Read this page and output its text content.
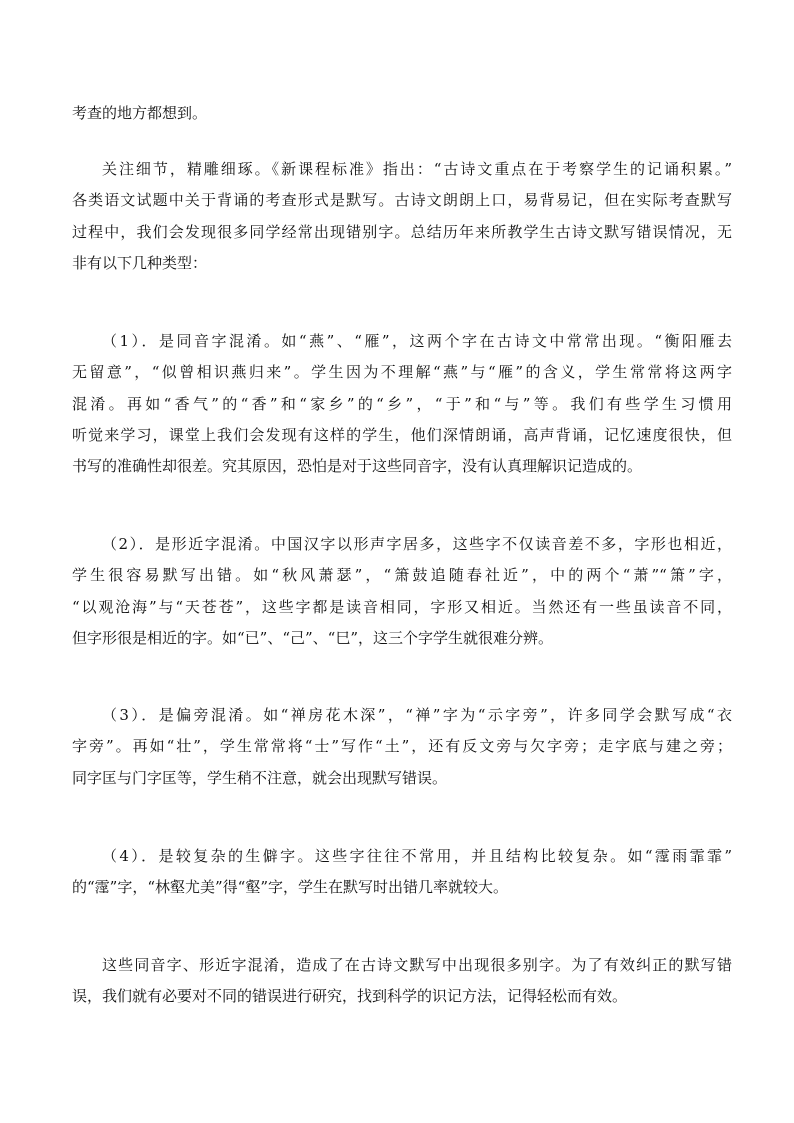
考查的地方都想到。

关注细节，精雕细琢。《新课程标准》指出：“古诗文重点在于考察学生的记诵积累。”
各类语文试题中关于背诵的考查形式是默写。古诗文朗朗上口，易背易记，但在实际考查默写
过程中，我们会发现很多同学经常出现错别字。总结历年来所教学生古诗文默写错误情况，无
非有以下几种类型：

（1）．是同音字混淆。如“燕”、“雁”，这两个字在古诗文中常常出现。“衡阳雁去
无留意”，“似曾相识燕归来”。学生因为不理解“燕”与“雁”的含义，学生常常将这两字
混淆。再如“香气”的“香”和“家乡”的“乡”，“于”和“与”等。我们有些学生习惯用
听觉来学习，课堂上我们会发现有这样的学生，他们深情朗诵，高声背诵，记忆速度很快，但
书写的准确性却很差。究其原因，恐怕是对于这些同音字，没有认真理解识记造成的。

（2）．是形近字混淆。中国汉字以形声字居多，这些字不仅读音差不多，字形也相近，
学生很容易默写出错。如“秋风萧瑟”，“箫鼓追随春社近”，中的两个“萧”“箫”字，
“以观沧海”与“天苍苍”，这些字都是读音相同，字形又相近。当然还有一些虽读音不同，
但字形很是相近的字。如“已”、“己”、“巳”，这三个字学生就很难分辨。

（3）．是偏旁混淆。如“禅房花木深”，“禅”字为“示字旁”，许多同学会默写成“衣
字旁”。再如“壮”，学生常常将“士”写作“土”，还有反文旁与欠字旁；走字底与建之旁；
同字匡与门字匡等，学生稍不注意，就会出现默写错误。

（4）．是较复杂的生僻字。这些字往往不常用，并且结构比较复杂。如“霪雨霏霏”
的“霪”字，“林壑尤美”得“壑”字，学生在默写时出错几率就较大。

这些同音字、形近字混淆，造成了在古诗文默写中出现很多别字。为了有效纠正的默写错
误，我们就有必要对不同的错误进行研究，找到科学的识记方法，记得轻松而有效。
